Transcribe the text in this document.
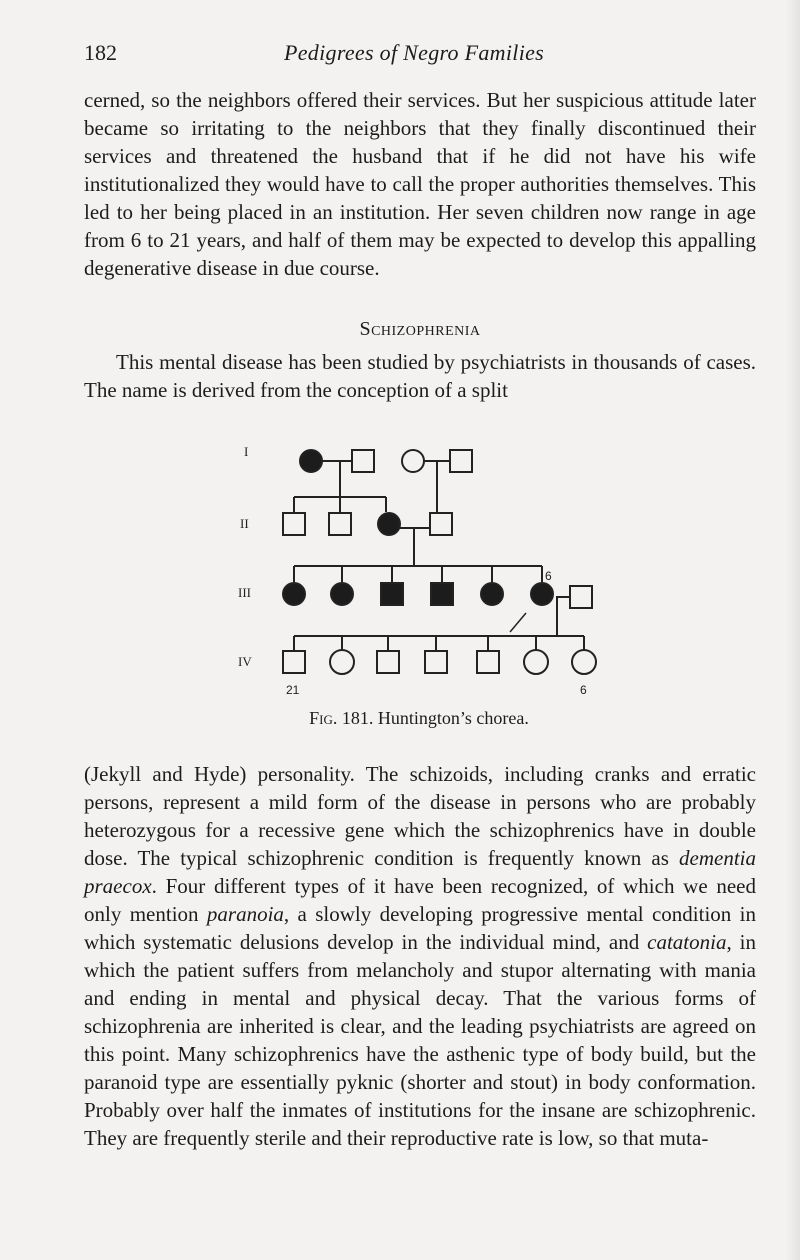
182	Pedigrees of Negro Families

cerned, so the neighbors offered their services. But her suspicious attitude later became so irritating to the neighbors that they finally discontinued their services and threatened the husband that if he did not have his wife institutionalized they would have to call the proper authorities themselves. This led to her being placed in an institution. Her seven children now range in age from 6 to 21 years, and half of them may be expected to develop this appalling degenerative disease in due course.

Schizophrenia

This mental disease has been studied by psychiatrists in thousands of cases. The name is derived from the conception of a split

I
II
III
IV
6
21	6
Fig. 181. Huntington’s chorea.

(Jekyll and Hyde) personality. The schizoids, including cranks and erratic persons, represent a mild form of the disease in persons who are probably heterozygous for a recessive gene which the schizophrenics have in double dose. The typical schizophrenic condition is frequently known as dementia praecox. Four different types of it have been recognized, of which we need only mention paranoia, a slowly developing progressive mental condition in which systematic delusions develop in the individual mind, and catatonia, in which the patient suffers from melancholy and stupor alternating with mania and ending in mental and physical decay. That the various forms of schizophrenia are inherited is clear, and the leading psychiatrists are agreed on this point. Many schizophrenics have the asthenic type of body build, but the paranoid type are essentially pyknic (shorter and stout) in body conformation. Probably over half the inmates of institutions for the insane are schizophrenic. They are frequently sterile and their reproductive rate is low, so that muta-
